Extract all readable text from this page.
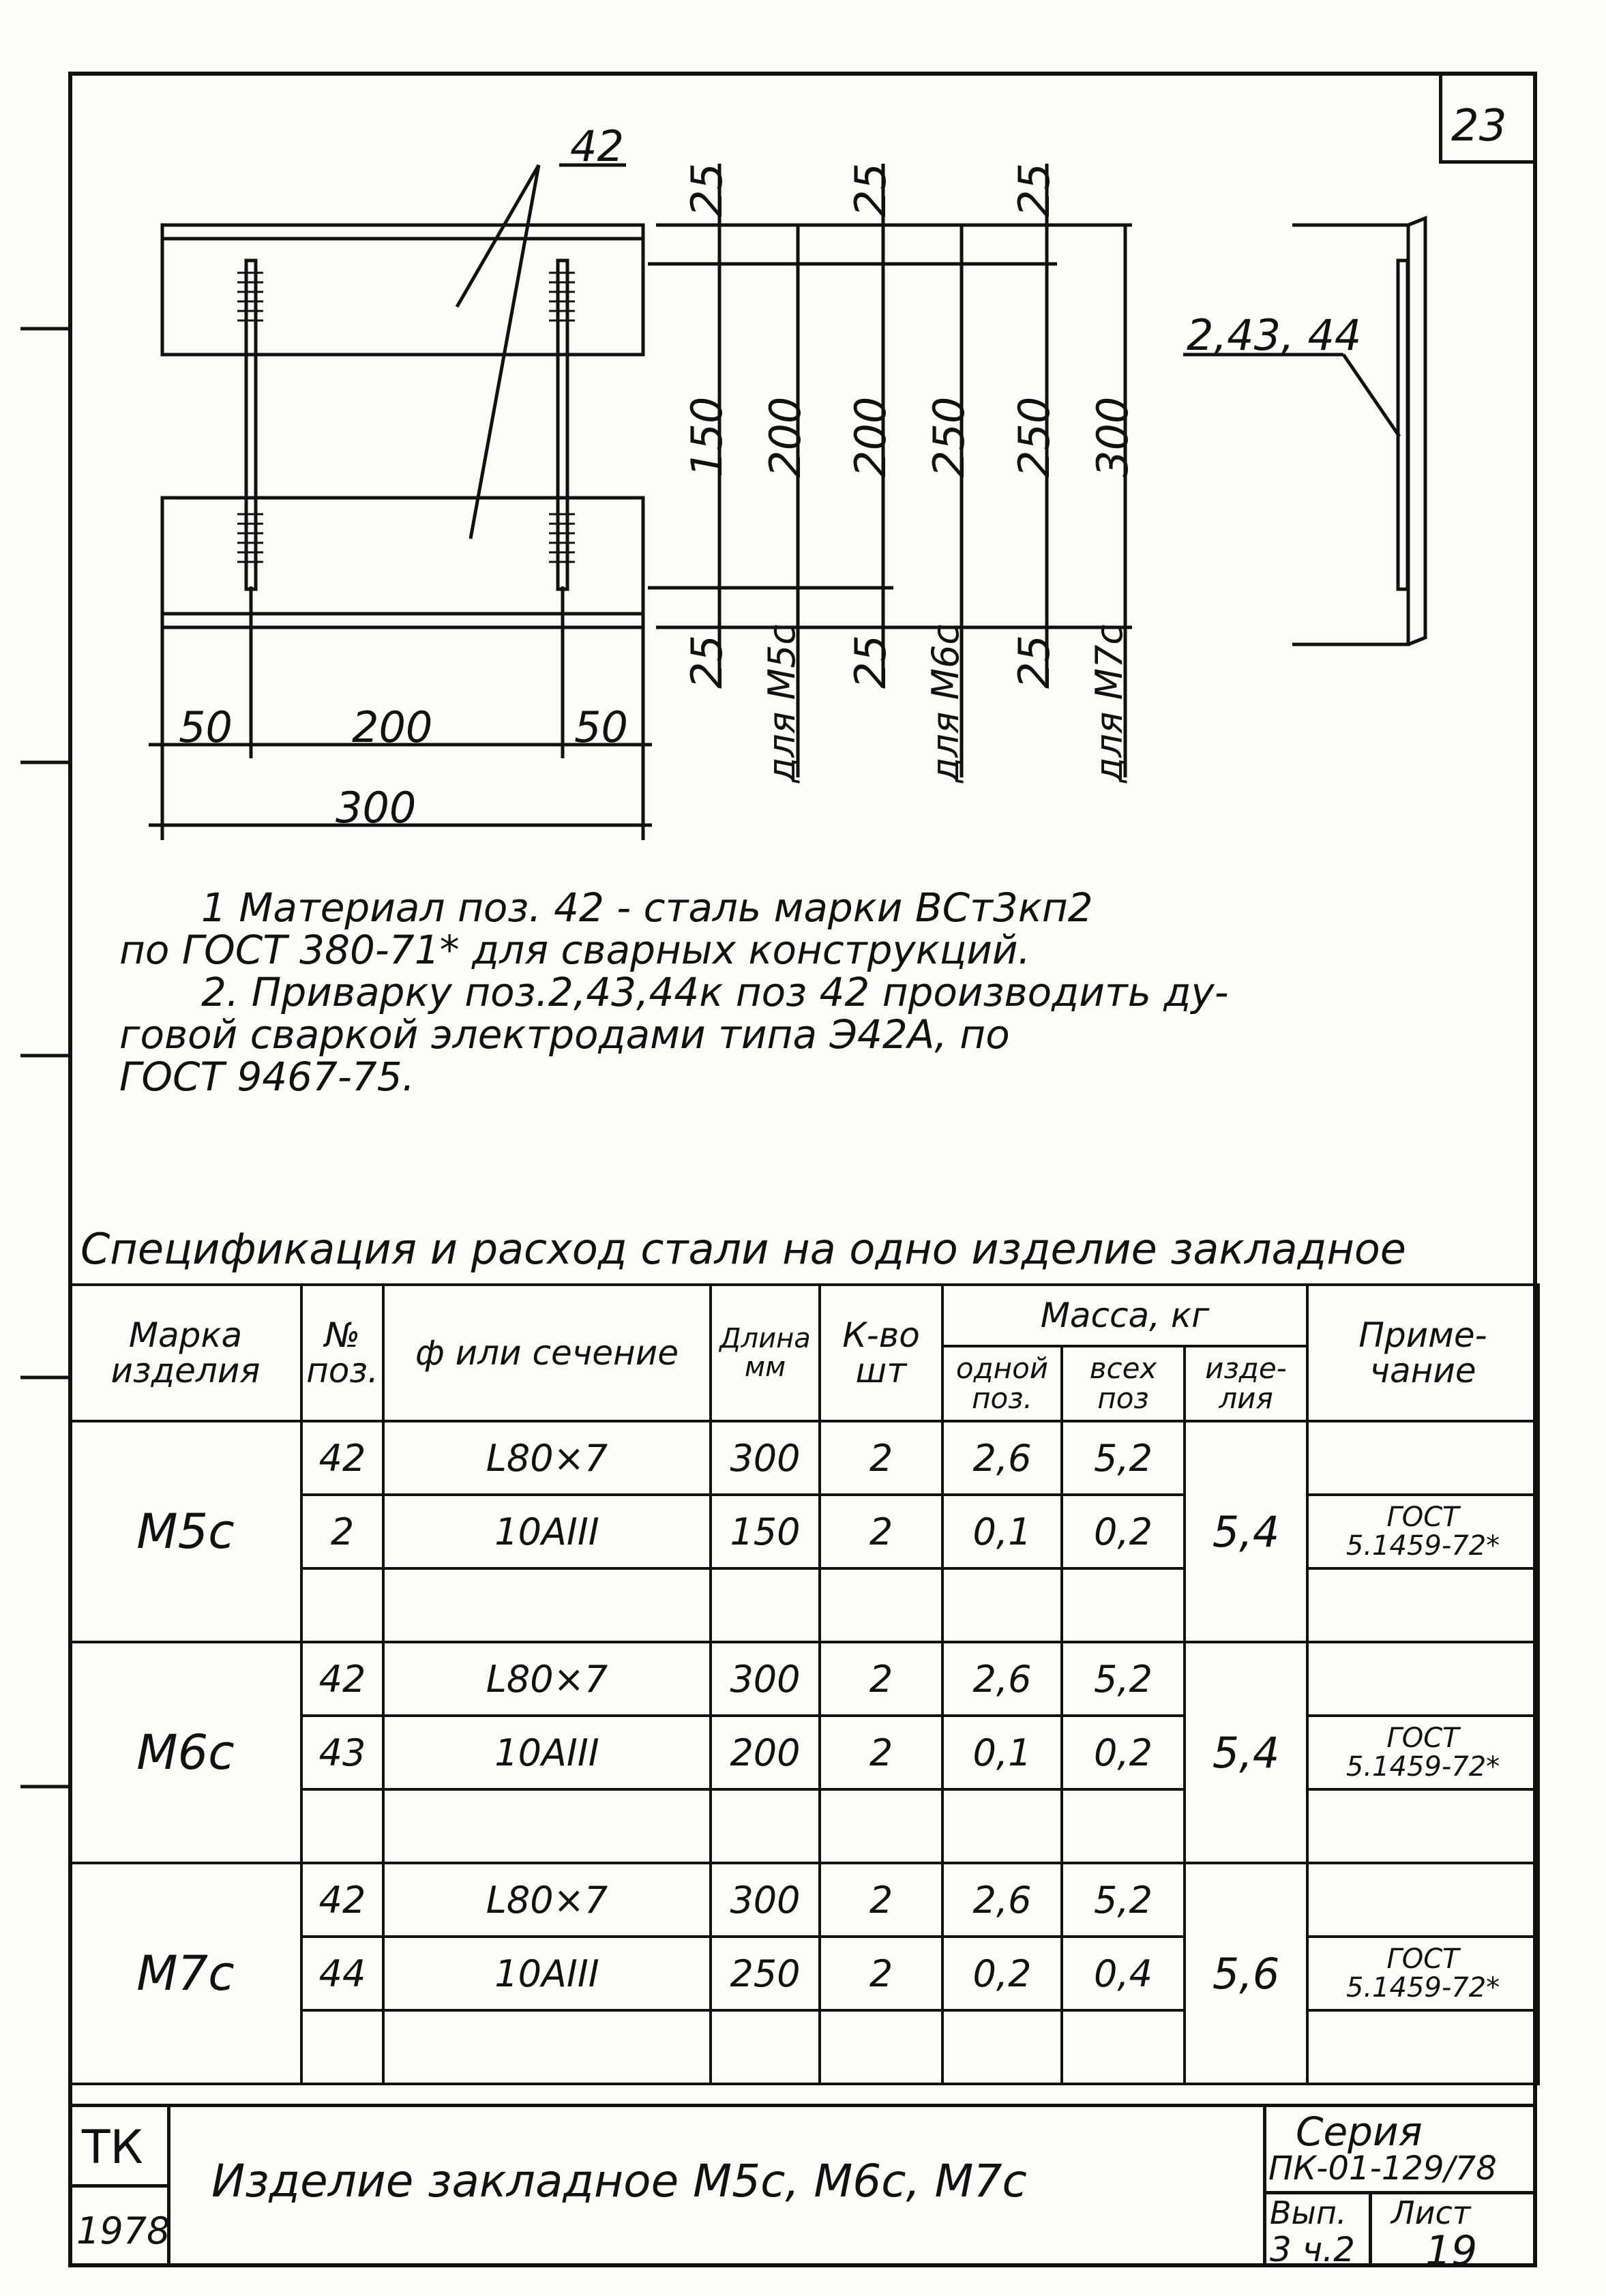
23
42
2,43, 44
50	200	50
300
25	25	25
150 200 200 250 250 300
25	25	25
для М5с	для М6с	для М7с
1 Материал поз. 42 - сталь марки ВСт3кп2
по ГОСТ 380-71* для сварных конструкций.
2. Приварку поз.2,43,44к поз 42 производить ду-
говой сваркой электродами типа Э42А, по
ГОСТ 9467-75.
Спецификация и расход стали на одно изделие закладное
Марка изделия	№ поз.	ф или сечение	Длина мм	К-во шт	Масса, кг			Приме- чание
					одной поз.	всех поз	изде- лия	
М5с	42	L80×7	300	2	2,6	5,2	5,4	
	2	10AIII	150	2	0,1	0,2		ГОСТ
5.1459-72*

М6с	42	L80×7	300	2	2,6	5,2	5,4	
	43	10AIII	200	2	0,1	0,2		ГОСТ
5.1459-72*

М7с	42	L80×7	300	2	2,6	5,2	5,6	
	44	10AIII	250	2	0,2	0,4		ГОСТ
5.1459-72*

ТК
1978
Изделие закладное М5с, М6с, М7с
Серия
ПК-01-129/78
Вып. Лист
3 ч.2 19
